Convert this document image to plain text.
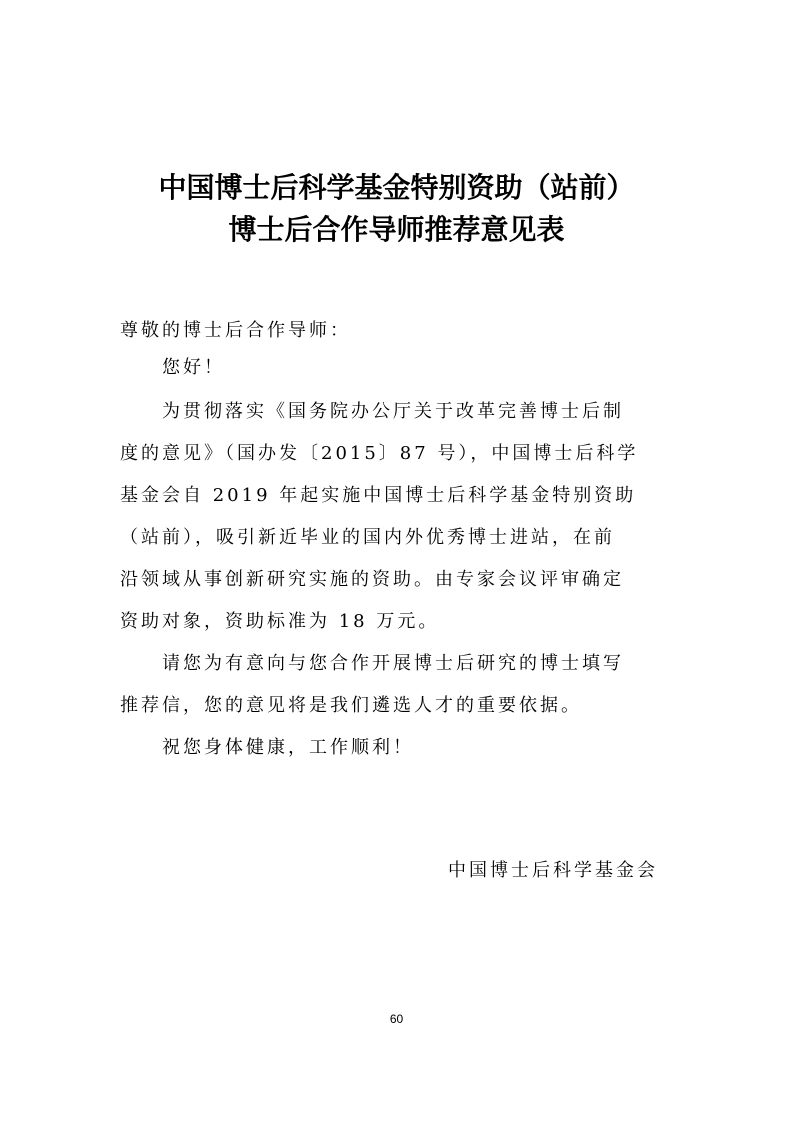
中国博士后科学基金特别资助（站前）
博士后合作导师推荐意见表
尊敬的博士后合作导师：
您好！
为贯彻落实《国务院办公厅关于改革完善博士后制
度的意见》（国办发〔2015〕87 号），中国博士后科学
基金会自 2019 年起实施中国博士后科学基金特别资助
（站前），吸引新近毕业的国内外优秀博士进站，在前
沿领域从事创新研究实施的资助。由专家会议评审确定
资助对象，资助标准为 18 万元。
请您为有意向与您合作开展博士后研究的博士填写
推荐信，您的意见将是我们遴选人才的重要依据。
祝您身体健康，工作顺利！
中国博士后科学基金会
60
